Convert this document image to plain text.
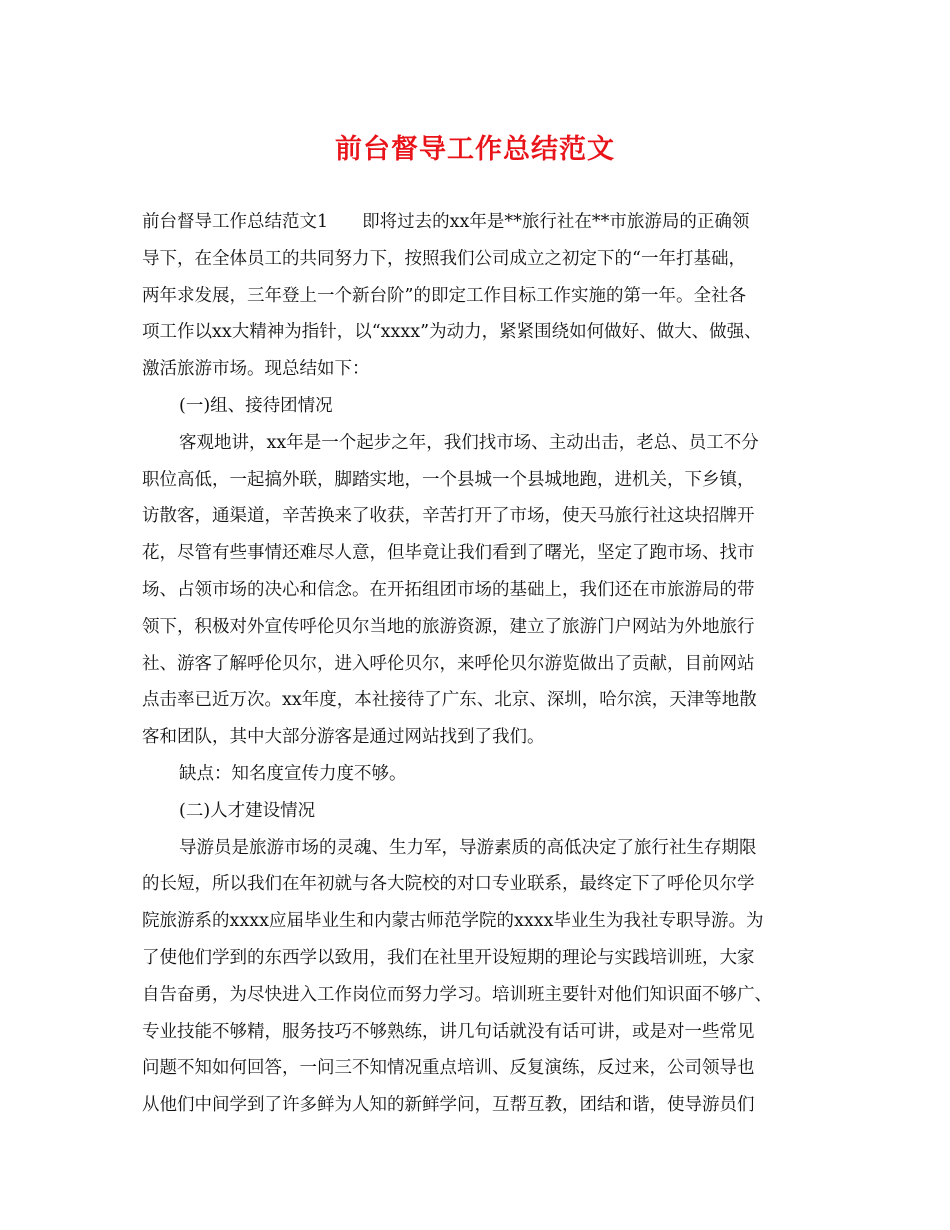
前台督导工作总结范文
前台督导工作总结范文1 即将过去的xx年是**旅行社在**市旅游局的正确领
导下，在全体员工的共同努力下，按照我们公司成立之初定下的“一年打基础，
两年求发展，三年登上一个新台阶”的即定工作目标工作实施的第一年。全社各
项工作以xx大精神为指针，以“xxxx”为动力，紧紧围绕如何做好、做大、做强、
激活旅游市场。现总结如下：
(一)组、接待团情况
客观地讲，xx年是一个起步之年，我们找市场、主动出击，老总、员工不分
职位高低，一起搞外联，脚踏实地，一个县城一个县城地跑，进机关，下乡镇，
访散客，通渠道，辛苦换来了收获，辛苦打开了市场，使天马旅行社这块招牌开
花，尽管有些事情还难尽人意，但毕竟让我们看到了曙光，坚定了跑市场、找市
场、占领市场的决心和信念。在开拓组团市场的基础上，我们还在市旅游局的带
领下，积极对外宣传呼伦贝尔当地的旅游资源，建立了旅游门户网站为外地旅行
社、游客了解呼伦贝尔，进入呼伦贝尔，来呼伦贝尔游览做出了贡献，目前网站
点击率已近万次。xx年度，本社接待了广东、北京、深圳，哈尔滨，天津等地散
客和团队，其中大部分游客是通过网站找到了我们。
缺点：知名度宣传力度不够。
(二)人才建设情况
导游员是旅游市场的灵魂、生力军，导游素质的高低决定了旅行社生存期限
的长短，所以我们在年初就与各大院校的对口专业联系，最终定下了呼伦贝尔学
院旅游系的xxxx应届毕业生和内蒙古师范学院的xxxx毕业生为我社专职导游。为
了使他们学到的东西学以致用，我们在社里开设短期的理论与实践培训班，大家
自告奋勇，为尽快进入工作岗位而努力学习。培训班主要针对他们知识面不够广、
专业技能不够精，服务技巧不够熟练，讲几句话就没有话可讲，或是对一些常见
问题不知如何回答，一问三不知情况重点培训、反复演练，反过来，公司领导也
从他们中间学到了许多鲜为人知的新鲜学问，互帮互教，团结和谐，使导游员们
